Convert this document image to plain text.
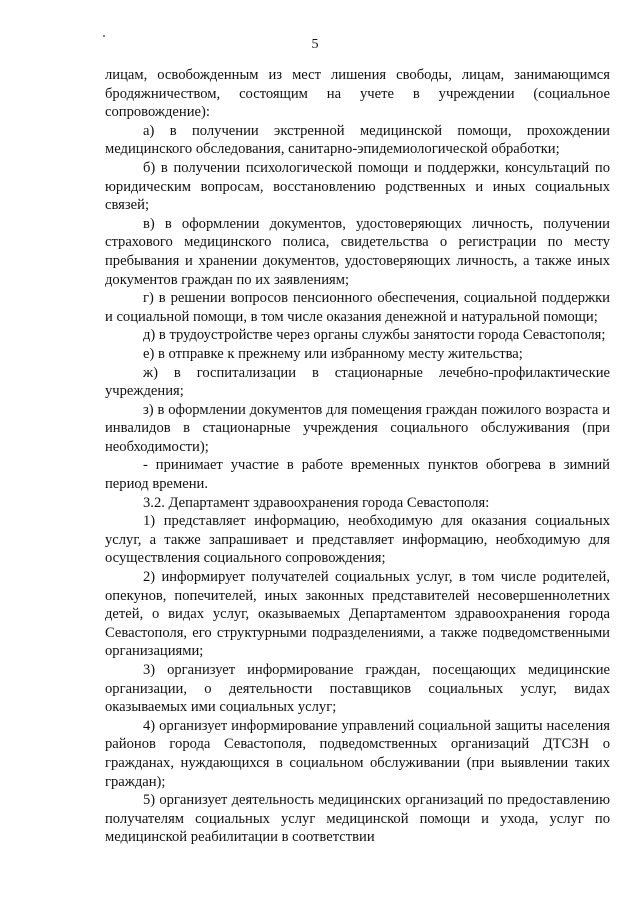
5

лицам, освобожденным из мест лишения свободы, лицам, занимающимся бродяжничеством, состоящим на учете в учреждении (социальное сопровождение):

а) в получении экстренной медицинской помощи, прохождении медицинского обследования, санитарно-эпидемиологической обработки;

б) в получении психологической помощи и поддержки, консультаций по юридическим вопросам, восстановлению родственных и иных социальных связей;

в) в оформлении документов, удостоверяющих личность, получении страхового медицинского полиса, свидетельства о регистрации по месту пребывания и хранении документов, удостоверяющих личность, а также иных документов граждан по их заявлениям;

г) в решении вопросов пенсионного обеспечения, социальной поддержки и социальной помощи, в том числе оказания денежной и натуральной помощи;

д) в трудоустройстве через органы службы занятости города Севастополя;

е) в отправке к прежнему или избранному месту жительства;

ж) в госпитализации в стационарные лечебно-профилактические учреждения;

з) в оформлении документов для помещения граждан пожилого возраста и инвалидов в стационарные учреждения социального обслуживания (при необходимости);

- принимает участие в работе временных пунктов обогрева в зимний период времени.

3.2. Департамент здравоохранения города Севастополя:

1) представляет информацию, необходимую для оказания социальных услуг, а также запрашивает и представляет информацию, необходимую для осуществления социального сопровождения;

2) информирует получателей социальных услуг, в том числе родителей, опекунов, попечителей, иных законных представителей несовершеннолетних детей, о видах услуг, оказываемых Департаментом здравоохранения города Севастополя, его структурными подразделениями, а также подведомственными организациями;

3) организует информирование граждан, посещающих медицинские организации, о деятельности поставщиков социальных услуг, видах оказываемых ими социальных услуг;

4) организует информирование управлений социальной защиты населения районов города Севастополя, подведомственных организаций ДТСЗН о гражданах, нуждающихся в социальном обслуживании (при выявлении таких граждан);

5) организует деятельность медицинских организаций по предоставлению получателям социальных услуг медицинской помощи и ухода, услуг по медицинской реабилитации в соответствии
